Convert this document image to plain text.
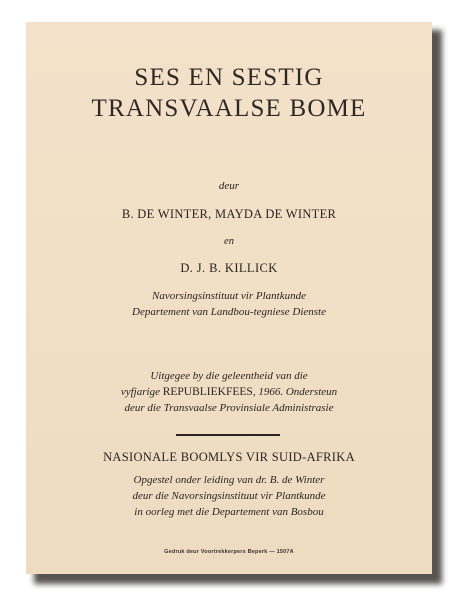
SES EN SESTIG
TRANSVAALSE BOME
deur
B. DE WINTER, MAYDA DE WINTER
en
D. J. B. KILLICK
Navorsingsinstituut vir Plantkunde
Departement van Landbou-tegniese Dienste
Uitgegee by die geleentheid van die
vyfjarige REPUBLIEKFEES, 1966. Ondersteun
deur die Transvaalse Provinsiale Administrasie
NASIONALE BOOMLYS VIR SUID-AFRIKA
Opgestel onder leiding van dr. B. de Winter
deur die Navorsingsinstituut vir Plantkunde
in oorleg met die Departement van Bosbou
Gedruk deur Voortrekkerpers Beperk — 1507A
